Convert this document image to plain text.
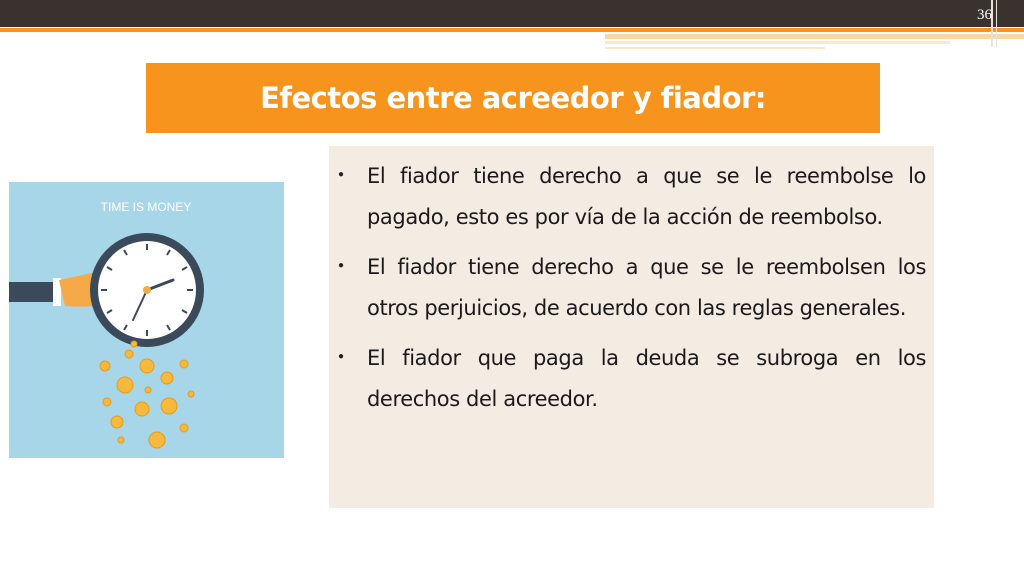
36
Efectos entre acreedor y fiador:
TIME IS MONEY
● El fiador tiene derecho a que se le reembolse lo pagado, esto es por vía de la acción de reembolso.
● El fiador tiene derecho a que se le reembolsen los otros perjuicios, de acuerdo con las reglas generales.
● El fiador que paga la deuda se subroga en los derechos del acreedor.
